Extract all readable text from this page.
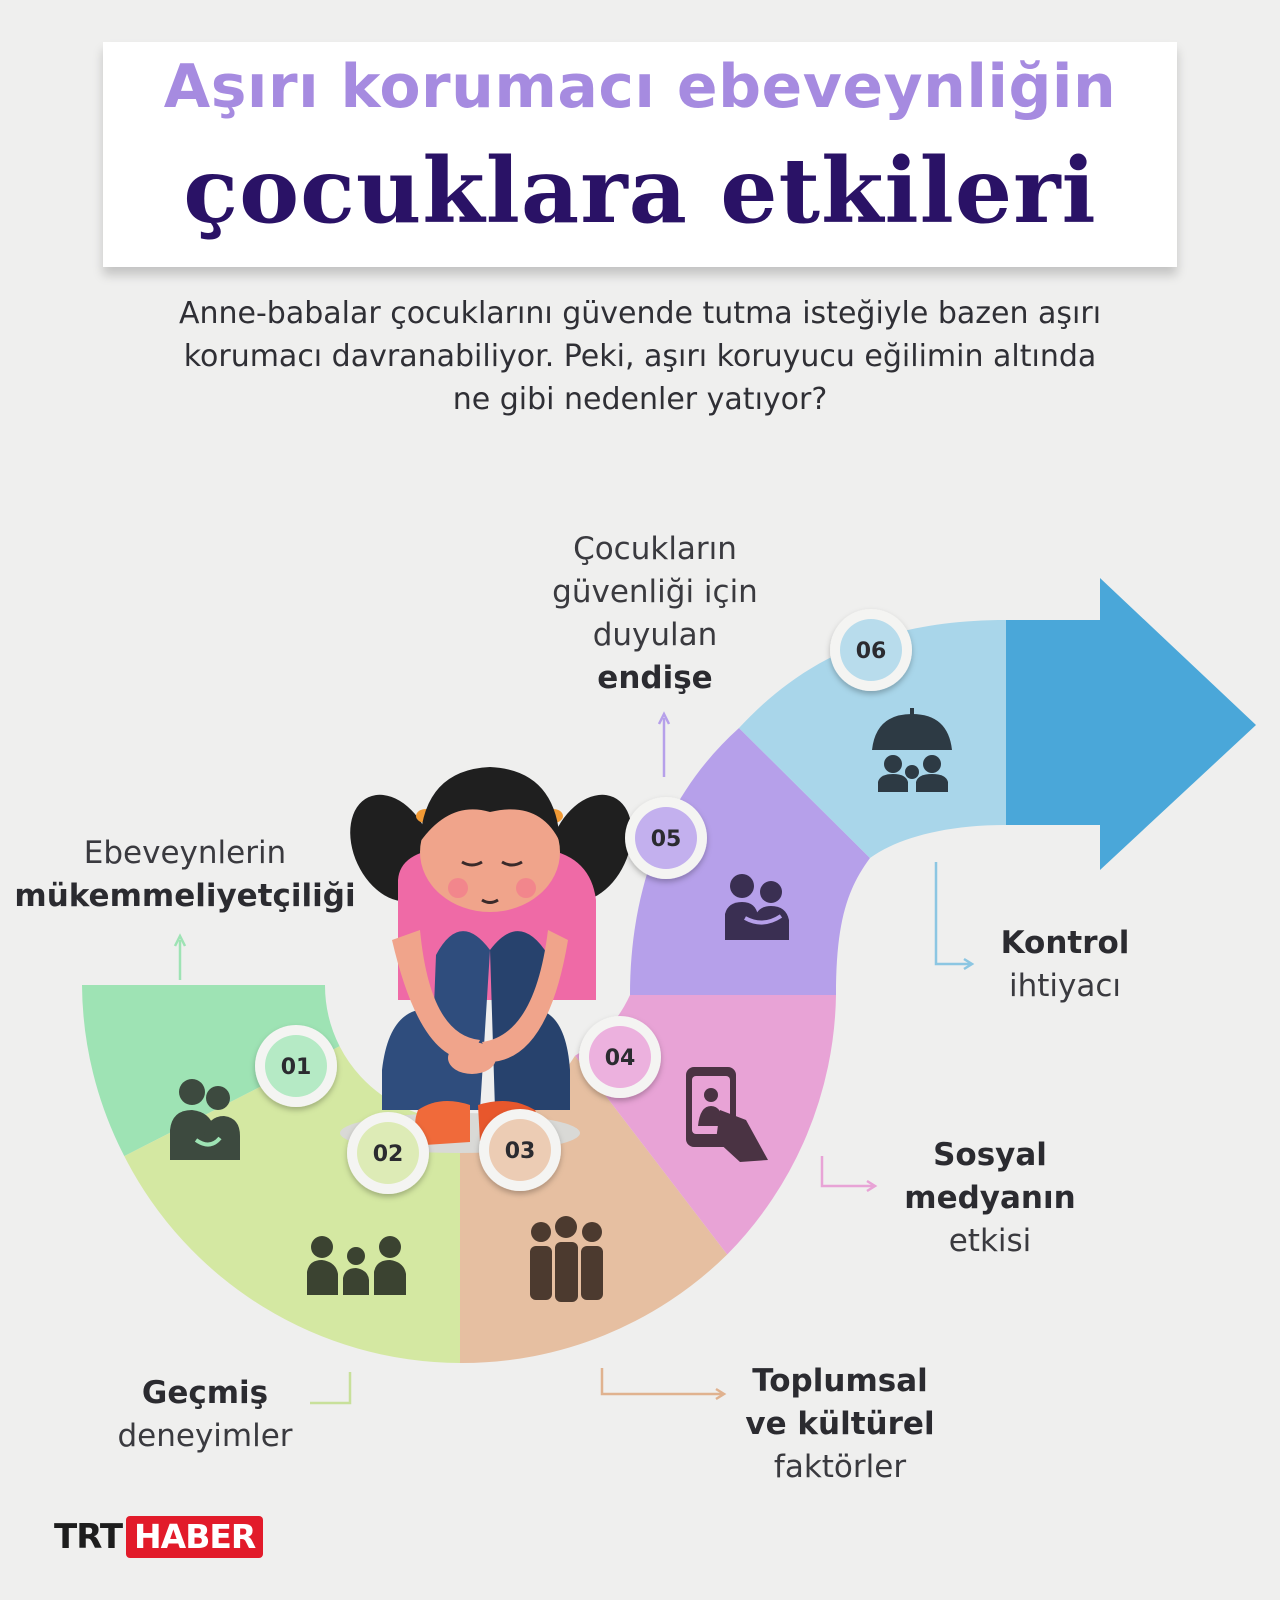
Aşırı korumacı ebeveynliğin
çocuklara etkileri
Anne-babalar çocuklarını güvende tutma isteğiyle bazen aşırı
korumacı davranabiliyor. Peki, aşırı koruyucu eğilimin altında
ne gibi nedenler yatıyor?
01
02	03
04
05
06
Ebeveynlerin
mükemmeliyetçiliği
Geçmiş
deneyimler
Toplumsal
ve kültürel
faktörler
Sosyal
medyanın
etkisi
Çocukların
güvenliği için
duyulan
endişe
Kontrol
ihtiyacı
TRT HABER
